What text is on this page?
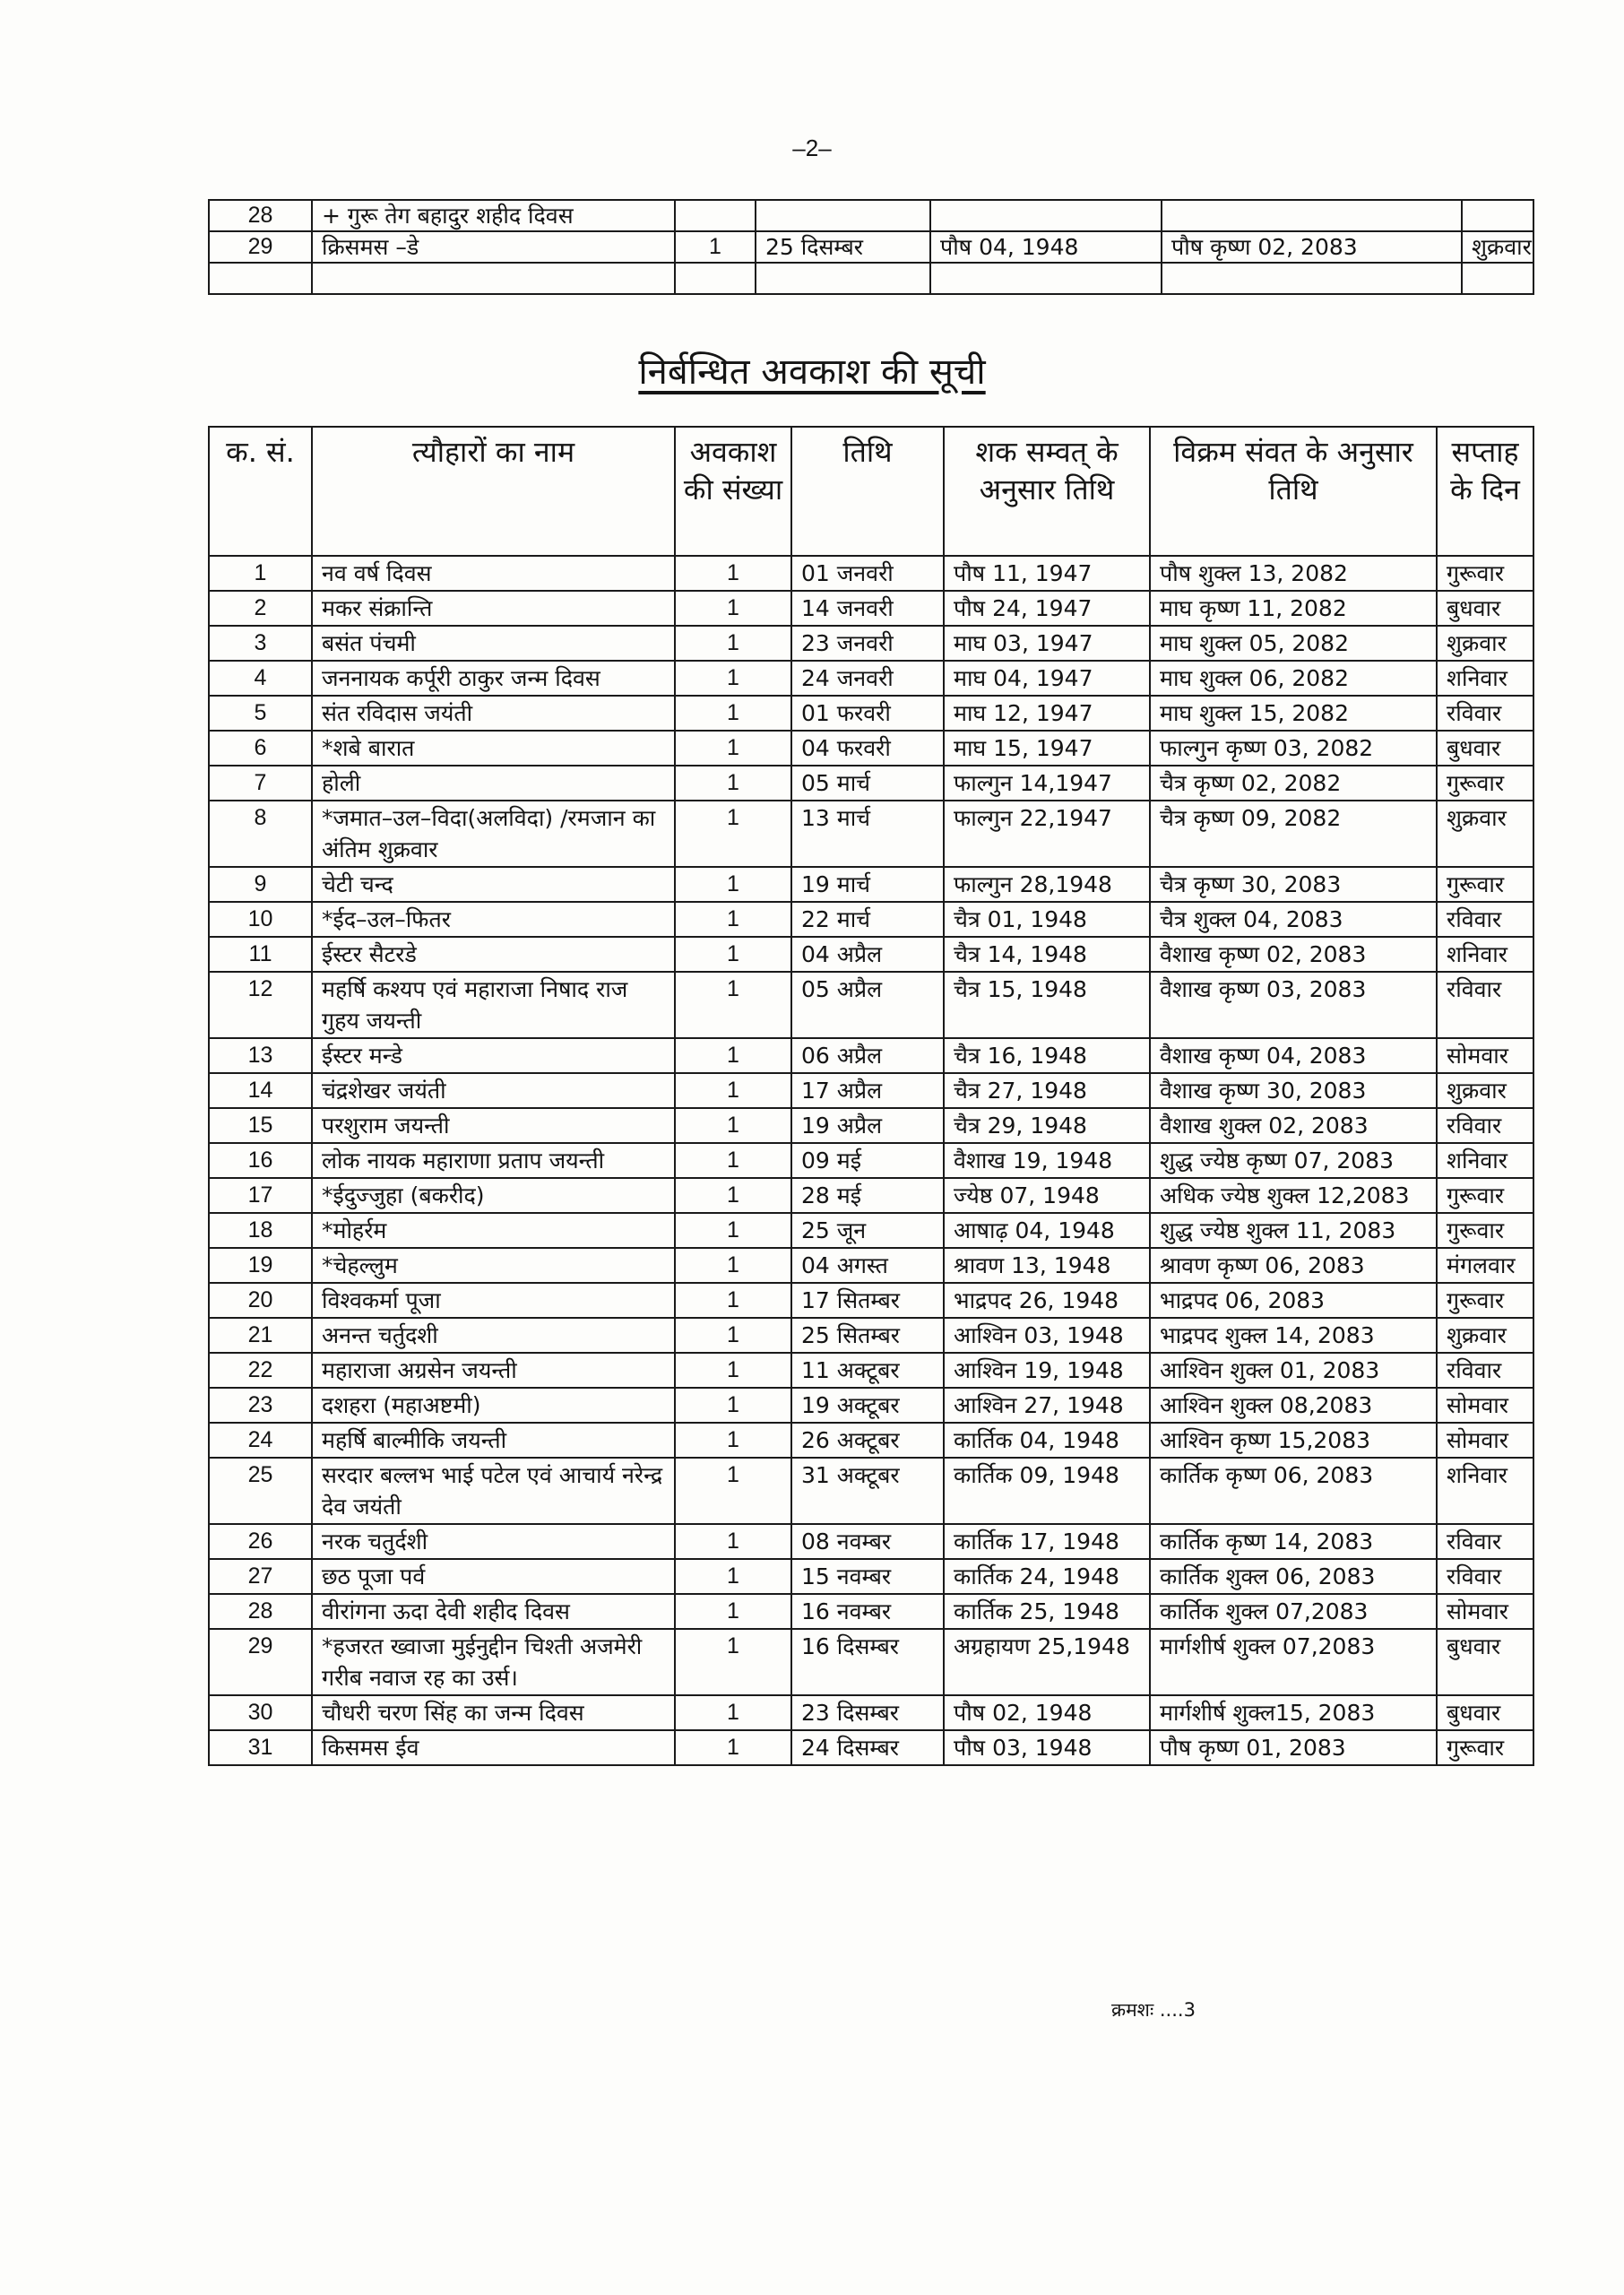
–2–
28	+ गुरू तेग बहादुर शहीद दिवस					
29	क्रिसमस –डे	1	25 दिसम्बर	पौष 04, 1948	पौष कृष्ण 02, 2083	शुक्रवार

निर्बन्धित अवकाश की सूची
क. सं.	त्यौहारों का नाम	अवकाश की संख्या	तिथि	शक सम्वत् के अनुसार तिथि	विक्रम संवत के अनुसार तिथि	सप्ताह के दिन
1	नव वर्ष दिवस	1	01 जनवरी	पौष 11, 1947	पौष शुक्ल 13, 2082	गुरूवार
2	मकर संक्रान्ति	1	14 जनवरी	पौष 24, 1947	माघ कृष्ण 11, 2082	बुधवार
3	बसंत पंचमी	1	23 जनवरी	माघ 03, 1947	माघ शुक्ल 05, 2082	शुक्रवार
4	जननायक कर्पूरी ठाकुर जन्म दिवस	1	24 जनवरी	माघ 04, 1947	माघ शुक्ल 06, 2082	शनिवार
5	संत रविदास जयंती	1	01 फरवरी	माघ 12, 1947	माघ शुक्ल 15, 2082	रविवार
6	*शबे बारात	1	04 फरवरी	माघ 15, 1947	फाल्गुन कृष्ण 03, 2082	बुधवार
7	होली	1	05 मार्च	फाल्गुन 14,1947	चैत्र कृष्ण 02, 2082	गुरूवार
8	*जमात–उल–विदा(अलविदा) /रमजान का अंतिम शुक्रवार	1	13 मार्च	फाल्गुन 22,1947	चैत्र कृष्ण 09, 2082	शुक्रवार
9	चेटी चन्द	1	19 मार्च	फाल्गुन 28,1948	चैत्र कृष्ण 30, 2083	गुरूवार
10	*ईद–उल–फितर	1	22 मार्च	चैत्र 01, 1948	चैत्र शुक्ल 04, 2083	रविवार
11	ईस्टर सैटरडे	1	04 अप्रैल	चैत्र 14, 1948	वैशाख कृष्ण 02, 2083	शनिवार
12	महर्षि कश्यप एवं महाराजा निषाद राज गुहय जयन्ती	1	05 अप्रैल	चैत्र 15, 1948	वैशाख कृष्ण 03, 2083	रविवार
13	ईस्टर मन्डे	1	06 अप्रैल	चैत्र 16, 1948	वैशाख कृष्ण 04, 2083	सोमवार
14	चंद्रशेखर जयंती	1	17 अप्रैल	चैत्र 27, 1948	वैशाख कृष्ण 30, 2083	शुक्रवार
15	परशुराम जयन्ती	1	19 अप्रैल	चैत्र 29, 1948	वैशाख शुक्ल 02, 2083	रविवार
16	लोक नायक महाराणा प्रताप जयन्ती	1	09 मई	वैशाख 19, 1948	शुद्ध ज्येष्ठ कृष्ण 07, 2083	शनिवार
17	*ईदुज्जुहा (बकरीद)	1	28 मई	ज्येष्ठ 07, 1948	अधिक ज्येष्ठ शुक्ल 12,2083	गुरूवार
18	*मोहर्रम	1	25 जून	आषाढ़ 04, 1948	शुद्ध ज्येष्ठ शुक्ल 11, 2083	गुरूवार
19	*चेहल्लुम	1	04 अगस्त	श्रावण 13, 1948	श्रावण कृष्ण 06, 2083	मंगलवार
20	विश्वकर्मा पूजा	1	17 सितम्बर	भाद्रपद 26, 1948	भाद्रपद 06, 2083	गुरूवार
21	अनन्त चर्तुदशी	1	25 सितम्बर	आश्विन 03, 1948	भाद्रपद शुक्ल 14, 2083	शुक्रवार
22	महाराजा अग्रसेन जयन्ती	1	11 अक्टूबर	आश्विन 19, 1948	आश्विन शुक्ल 01, 2083	रविवार
23	दशहरा (महाअष्टमी)	1	19 अक्टूबर	आश्विन 27, 1948	आश्विन शुक्ल 08,2083	सोमवार
24	महर्षि बाल्मीकि जयन्ती	1	26 अक्टूबर	कार्तिक 04, 1948	आश्विन कृष्ण 15,2083	सोमवार
25	सरदार बल्लभ भाई पटेल एवं आचार्य नरेन्द्र देव जयंती	1	31 अक्टूबर	कार्तिक 09, 1948	कार्तिक कृष्ण 06, 2083	शनिवार
26	नरक चतुर्दशी	1	08 नवम्बर	कार्तिक 17, 1948	कार्तिक कृष्ण 14, 2083	रविवार
27	छठ पूजा पर्व	1	15 नवम्बर	कार्तिक 24, 1948	कार्तिक शुक्ल 06, 2083	रविवार
28	वीरांगना ऊदा देवी शहीद दिवस	1	16 नवम्बर	कार्तिक 25, 1948	कार्तिक शुक्ल 07,2083	सोमवार
29	*हजरत ख्वाजा मुईनुद्दीन चिश्ती अजमेरी गरीब नवाज रह का उर्स।	1	16 दिसम्बर	अग्रहायण 25,1948	मार्गशीर्ष शुक्ल 07,2083	बुधवार
30	चौधरी चरण सिंह का जन्म दिवस	1	23 दिसम्बर	पौष 02, 1948	मार्गशीर्ष शुक्ल15, 2083	बुधवार
31	किसमस ईव	1	24 दिसम्बर	पौष 03, 1948	पौष कृष्ण 01, 2083	गुरूवार
क्रमशः ....3
